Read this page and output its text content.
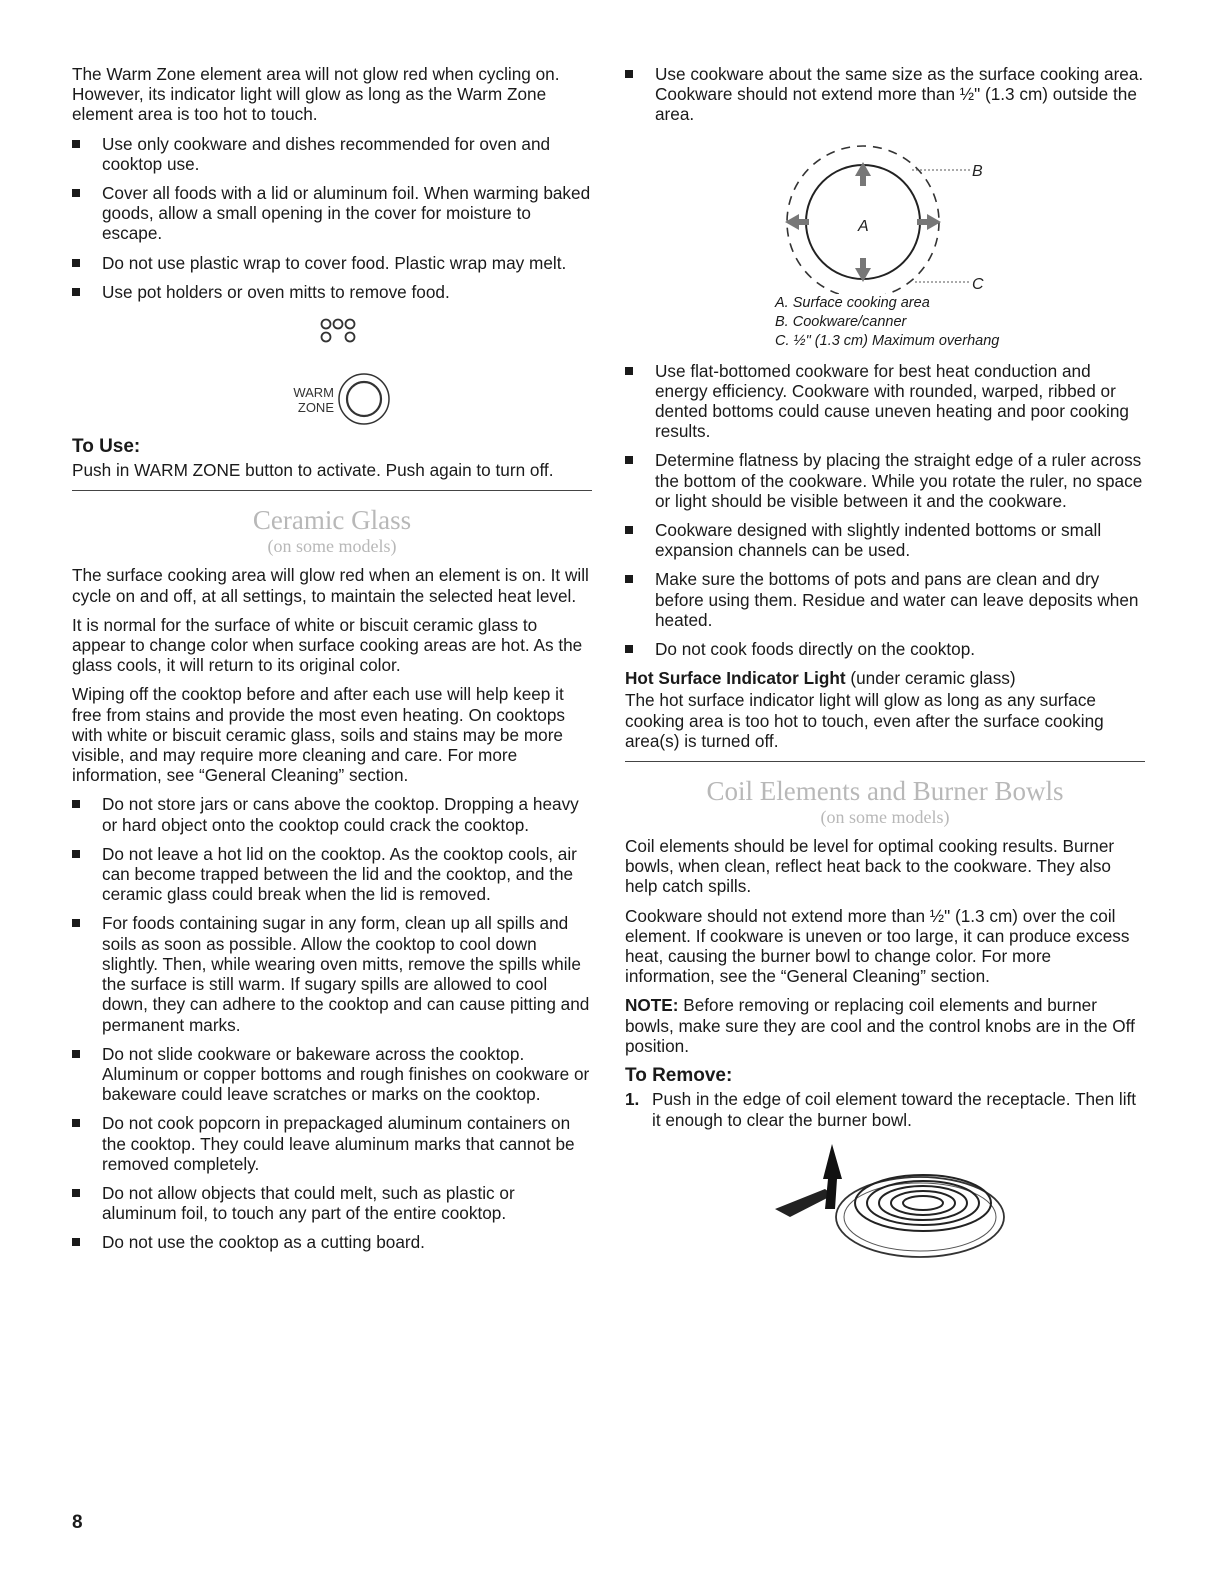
The Warm Zone element area will not glow red when cycling on. However, its indicator light will glow as long as the Warm Zone element area is too hot to touch.

Use only cookware and dishes recommended for oven and cooktop use.
Cover all foods with a lid or aluminum foil. When warming baked goods, allow a small opening in the cover for moisture to escape.
Do not use plastic wrap to cover food. Plastic wrap may melt.
Use pot holders or oven mitts to remove food.
WARM
ZONE
To Use:

Push in WARM ZONE button to activate. Push again to turn off.

Ceramic Glass
(on some models)

The surface cooking area will glow red when an element is on. It will cycle on and off, at all settings, to maintain the selected heat level.

It is normal for the surface of white or biscuit ceramic glass to appear to change color when surface cooking areas are hot. As the glass cools, it will return to its original color.

Wiping off the cooktop before and after each use will help keep it free from stains and provide the most even heating. On cooktops with white or biscuit ceramic glass, soils and stains may be more visible, and may require more cleaning and care. For more information, see “General Cleaning” section.

Do not store jars or cans above the cooktop. Dropping a heavy or hard object onto the cooktop could crack the cooktop.
Do not leave a hot lid on the cooktop. As the cooktop cools, air can become trapped between the lid and the cooktop, and the ceramic glass could break when the lid is removed.
For foods containing sugar in any form, clean up all spills and soils as soon as possible. Allow the cooktop to cool down slightly. Then, while wearing oven mitts, remove the spills while the surface is still warm. If sugary spills are allowed to cool down, they can adhere to the cooktop and can cause pitting and permanent marks.
Do not slide cookware or bakeware across the cooktop. Aluminum or copper bottoms and rough finishes on cookware or bakeware could leave scratches or marks on the cooktop.
Do not cook popcorn in prepackaged aluminum containers on the cooktop. They could leave aluminum marks that cannot be removed completely.
Do not allow objects that could melt, such as plastic or aluminum foil, to touch any part of the entire cooktop.
Do not use the cooktop as a cutting board.
Use cookware about the same size as the surface cooking area. Cookware should not extend more than ½" (1.3 cm) outside the area.
A
B
C
A. Surface cooking area
B. Cookware/canner
C. ½" (1.3 cm) Maximum overhang
Use flat-bottomed cookware for best heat conduction and energy efficiency. Cookware with rounded, warped, ribbed or dented bottoms could cause uneven heating and poor cooking results.
Determine flatness by placing the straight edge of a ruler across the bottom of the cookware. While you rotate the ruler, no space or light should be visible between it and the cookware.
Cookware designed with slightly indented bottoms or small expansion channels can be used.
Make sure the bottoms of pots and pans are clean and dry before using them. Residue and water can leave deposits when heated.
Do not cook foods directly on the cooktop.

Hot Surface Indicator Light (under ceramic glass)

The hot surface indicator light will glow as long as any surface cooking area is too hot to touch, even after the surface cooking area(s) is turned off.

Coil Elements and Burner Bowls
(on some models)

Coil elements should be level for optimal cooking results. Burner bowls, when clean, reflect heat back to the cookware. They also help catch spills.

Cookware should not extend more than ½" (1.3 cm) over the coil element. If cookware is uneven or too large, it can produce excess heat, causing the burner bowl to change color. For more information, see the “General Cleaning” section.

NOTE: Before removing or replacing coil elements and burner bowls, make sure they are cool and the control knobs are in the Off position.

To Remove:
1. Push in the edge of coil element toward the receptacle. Then lift it enough to clear the burner bowl.
8
